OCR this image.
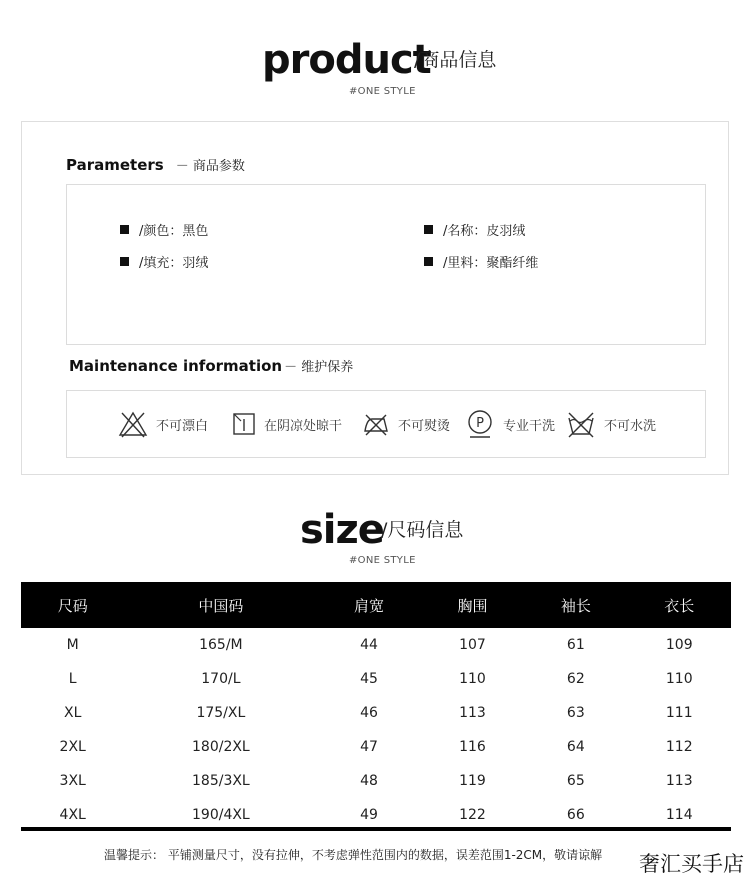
product
/商品信息
#ONE STYLE
Parameters － 商品参数
/颜色：黑色	/名称：皮羽绒
/填充：羽绒	/里料：聚酯纤维
Maintenance information － 维护保养
不可漂白	在阴凉处晾干	不可熨烫 P 专业干洗	不可水洗
size
/尺码信息
#ONE STYLE
尺码	中国码	肩宽	胸围	袖长	衣长
M	165/M	44	107	61	109
L	170/L	45	110	62	110
XL	175/XL	46	113	63	111
2XL	180/2XL	47	116	64	112
3XL	185/3XL	48	119	65	113
4XL	190/4XL	49	122	66	114
温馨提示： 平铺测量尺寸，没有拉伸，不考虑弹性范围内的数据，误差范围1-2CM，敬请谅解 奢汇买手店
